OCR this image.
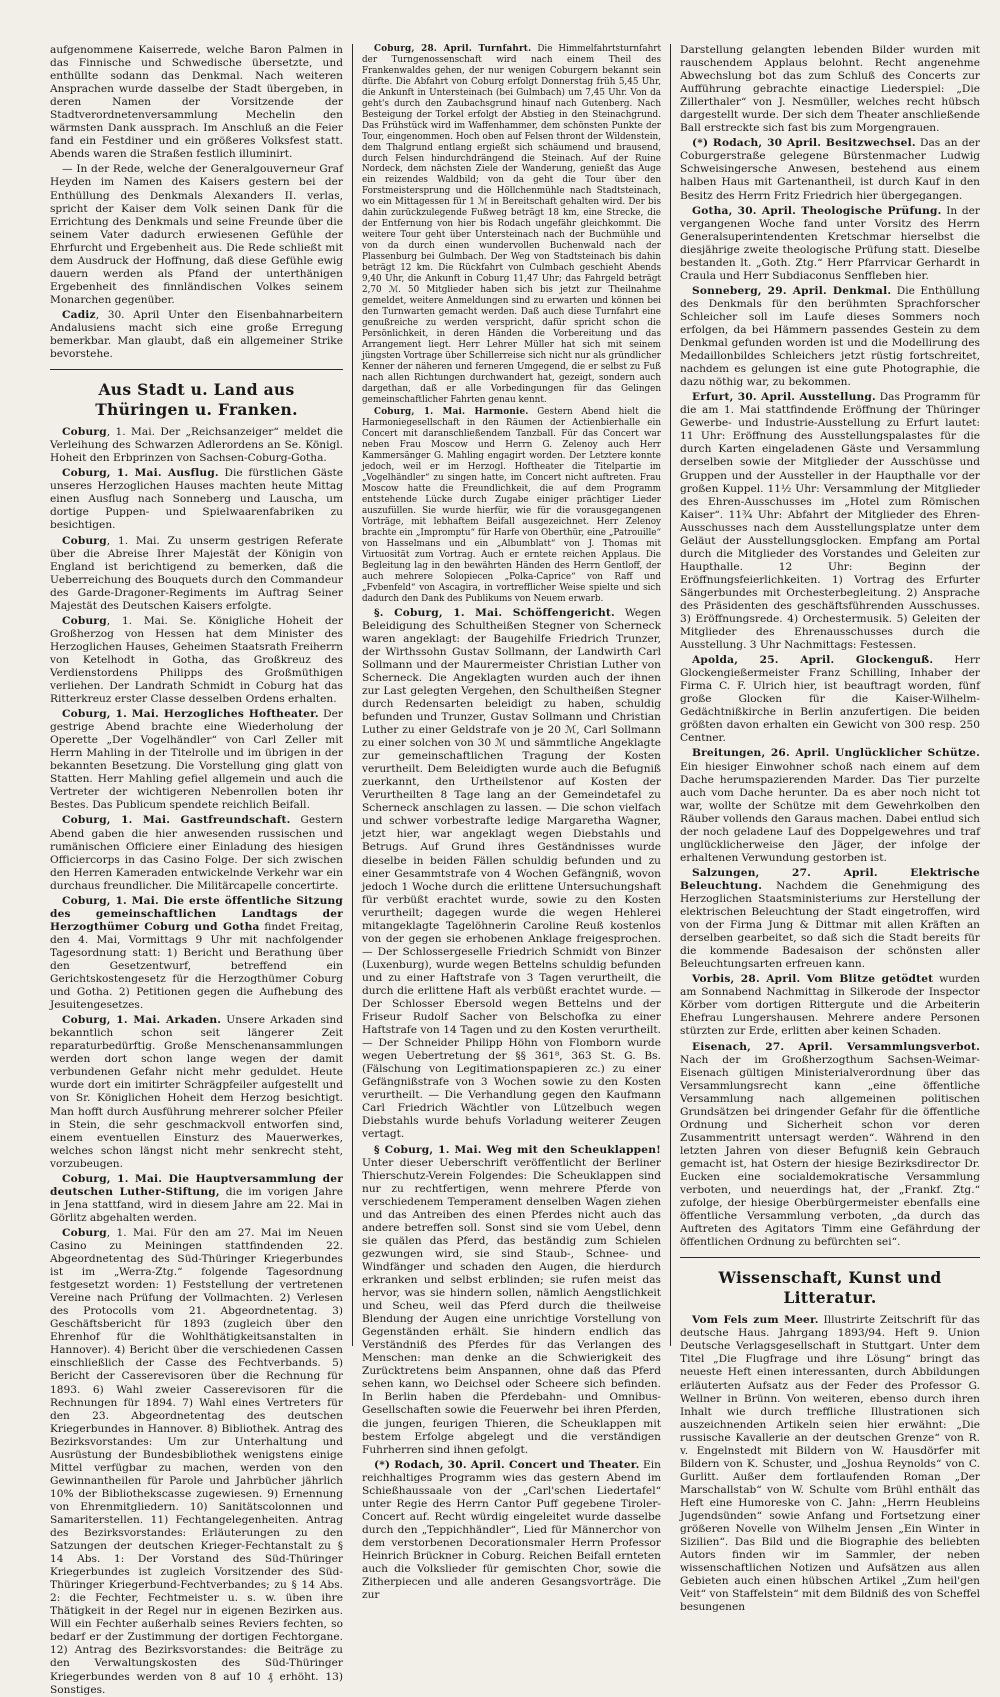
aufgenommene Kaiserrede, welche Baron Palmen in das Finnische und Schwedische übersetzte, und enthüllte sodann das Denkmal. Nach weiteren Ansprachen wurde dasselbe der Stadt übergeben, in deren Namen der Vorsitzende der Stadtverordnetenversammlung Mechelin den wärmsten Dank aussprach. Im Anschluß an die Feier fand ein Festdiner und ein größeres Volksfest statt. Abends waren die Straßen festlich illuminirt.

— In der Rede, welche der Generalgouverneur Graf Heyden im Namen des Kaisers gestern bei der Enthüllung des Denkmals Alexanders II. verlas, spricht der Kaiser dem Volk seinen Dank für die Errichtung des Denkmals und seine Freunde über die seinem Vater dadurch erwiesenen Gefühle der Ehrfurcht und Ergebenheit aus. Die Rede schließt mit dem Ausdruck der Hoffnung, daß diese Gefühle ewig dauern werden als Pfand der unterthänigen Ergebenheit des finnländischen Volkes seinem Monarchen gegenüber.

Cadiz, 30. April Unter den Eisenbahnarbeitern Andalusiens macht sich eine große Erregung bemerkbar. Man glaubt, daß ein allgemeiner Strike bevorstehe.

Aus Stadt u. Land aus Thüringen u. Franken.

Coburg, 1. Mai. Der „Reichsanzeiger“ meldet die Verleihung des Schwarzen Adlerordens an Se. Königl. Hoheit den Erbprinzen von Sachsen-Coburg-Gotha.

Coburg, 1. Mai. Ausflug. Die fürstlichen Gäste unseres Herzoglichen Hauses machten heute Mittag einen Ausflug nach Sonneberg und Lauscha, um dortige Puppen- und Spielwaarenfabriken zu besichtigen.

Coburg, 1. Mai. Zu unserm gestrigen Referate über die Abreise Ihrer Majestät der Königin von England ist berichtigend zu bemerken, daß die Ueberreichung des Bouquets durch den Commandeur des Garde-Dragoner-Regiments im Auftrag Seiner Majestät des Deutschen Kaisers erfolgte.

Coburg, 1. Mai. Se. Königliche Hoheit der Großherzog von Hessen hat dem Minister des Herzoglichen Hauses, Geheimen Staatsrath Freiherrn von Ketelhodt in Gotha, das Großkreuz des Verdienstordens Philipps des Großmüthigen verliehen. Der Landrath Schmidt in Coburg hat das Ritterkreuz erster Classe desselben Ordens erhalten.

Coburg, 1. Mai. Herzogliches Hoftheater. Der gestrige Abend brachte eine Wiederholung der Operette „Der Vogelhändler“ von Carl Zeller mit Herrn Mahling in der Titelrolle und im übrigen in der bekannten Besetzung. Die Vorstellung ging glatt von Statten. Herr Mahling gefiel allgemein und auch die Vertreter der wichtigeren Nebenrollen boten ihr Bestes. Das Publicum spendete reichlich Beifall.

Coburg, 1. Mai. Gastfreundschaft. Gestern Abend gaben die hier anwesenden russischen und rumänischen Officiere einer Einladung des hiesigen Officiercorps in das Casino Folge. Der sich zwischen den Herren Kameraden entwickelnde Verkehr war ein durchaus freundlicher. Die Militärcapelle concertirte.

Coburg, 1. Mai. Die erste öffentliche Sitzung des gemeinschaftlichen Landtags der Herzogthümer Coburg und Gotha findet Freitag, den 4. Mai, Vormittags 9 Uhr mit nachfolgender Tagesordnung statt: 1) Bericht und Berathung über den Gesetzentwurf, betreffend ein Gerichtskostengesetz für die Herzogthümer Coburg und Gotha. 2) Petitionen gegen die Aufhebung des Jesuitengesetzes.

Coburg, 1. Mai. Arkaden. Unsere Arkaden sind bekanntlich schon seit längerer Zeit reparaturbedürftig. Große Menschenansammlungen werden dort schon lange wegen der damit verbundenen Gefahr nicht mehr geduldet. Heute wurde dort ein imitirter Schrägpfeiler aufgestellt und von Sr. Königlichen Hoheit dem Herzog besichtigt. Man hofft durch Ausführung mehrerer solcher Pfeiler in Stein, die sehr geschmackvoll entworfen sind, einem eventuellen Einsturz des Mauerwerkes, welches schon längst nicht mehr senkrecht steht, vorzubeugen.

Coburg, 1. Mai. Die Hauptversammlung der deutschen Luther-Stiftung, die im vorigen Jahre in Jena stattfand, wird in diesem Jahre am 22. Mai in Görlitz abgehalten werden.

Coburg, 1. Mai. Für den am 27. Mai im Neuen Casino zu Meiningen stattfindenden 22. Abgeordnetentag des Süd-Thüringer Kriegerbundes ist im „Werra-Ztg.“ folgende Tagesordnung festgesetzt worden: 1) Feststellung der vertretenen Vereine nach Prüfung der Vollmachten. 2) Verlesen des Protocolls vom 21. Abgeordnetentag. 3) Geschäftsbericht für 1893 (zugleich über den Ehrenhof für die Wohlthätigkeitsanstalten in Hannover). 4) Bericht über die verschiedenen Cassen einschließlich der Casse des Fechtverbands. 5) Bericht der Casserevisoren über die Rechnung für 1893. 6) Wahl zweier Casserevisoren für die Rechnungen für 1894. 7) Wahl eines Vertreters für den 23. Abgeordnetentag des deutschen Kriegerbundes in Hannover. 8) Bibliothek. Antrag des Bezirksvorstandes: Um zur Unterhaltung und Ausrüstung der Bundesbibliothek wenigstens einige Mittel verfügbar zu machen, werden von den Gewinnantheilen für Parole und Jahrbücher jährlich 10% der Bibliothekscasse zugewiesen. 9) Ernennung von Ehrenmitgliedern. 10) Sanitätscolonnen und Samariterstellen. 11) Fechtangelegenheiten. Antrag des Bezirksvorstandes: Erläuterungen zu den Satzungen der deutschen Krieger-Fechtanstalt zu § 14 Abs. 1: Der Vorstand des Süd-Thüringer Kriegerbundes ist zugleich Vorsitzender des Süd-Thüringer Kriegerbund-Fechtverbandes; zu § 14 Abs. 2: die Fechter, Fechtmeister u. s. w. üben ihre Thätigkeit in der Regel nur in eigenen Bezirken aus. Will ein Fechter außerhalb seines Reviers fechten, so bedarf er der Zustimmung der dortigen Fechtorgane. 12) Antrag des Bezirksvorstandes: die Beiträge zu den Verwaltungskosten des Süd-Thüringer Kriegerbundes werden von 8 auf 10 ₰ erhöht. 13) Sonstiges.

Coburg, 28. April. Turnfahrt. Die Himmelfahrtsturnfahrt der Turngenossenschaft wird nach einem Theil des Frankenwaldes gehen, der nur wenigen Coburgern bekannt sein dürfte. Die Abfahrt von Coburg erfolgt Donnerstag früh 5,45 Uhr, die Ankunft in Untersteinach (bei Gulmbach) um 7,45 Uhr. Von da geht's durch den Zaubachsgrund hinauf nach Gutenberg. Nach Besteigung der Torkel erfolgt der Abstieg in den Steinachgrund. Das Frühstück wird im Waffenhammer, dem schönsten Punkte der Tour, eingenommen. Hoch oben auf Felsen thront der Wildenstein, dem Thalgrund entlang ergießt sich schäumend und brausend, durch Felsen hindurchdrängend die Steinach. Auf der Ruine Nordeck, dem nächsten Ziele der Wanderung, genießt das Auge ein reizendes Waldbild; von da geht die Tour über den Forstmeistersprung und die Höllchenmühle nach Stadtsteinach, wo ein Mittagessen für 1 ℳ in Bereitschaft gehalten wird. Der bis dahin zurückzulegende Fußweg beträgt 18 km, eine Strecke, die der Entfernung von hier bis Rodach ungefähr gleichkommt. Die weitere Tour geht über Untersteinach nach der Buchmühle und von da durch einen wundervollen Buchenwald nach der Plassenburg bei Gulmbach. Der Weg von Stadtsteinach bis dahin beträgt 12 km. Die Rückfahrt von Culmbach geschieht Abends 9,40 Uhr, die Ankunft in Coburg 11,47 Uhr; das Fahrgeld beträgt 2,70 ℳ. 50 Mitglieder haben sich bis jetzt zur Theilnahme gemeldet, weitere Anmeldungen sind zu erwarten und können bei den Turnwarten gemacht werden. Daß auch diese Turnfahrt eine genußreiche zu werden verspricht, dafür spricht schon die Persönlichkeit, in deren Händen die Vorbereitung und das Arrangement liegt. Herr Lehrer Müller hat sich mit seinem jüngsten Vortrage über Schillerreise sich nicht nur als gründlicher Kenner der näheren und ferneren Umgegend, die er selbst zu Fuß nach allen Richtungen durchwandert hat, gezeigt, sondern auch dargethan, daß er alle Vorbedingungen für das Gelingen gemeinschaftlicher Fahrten genau kennt.

Coburg, 1. Mai. Harmonie. Gestern Abend hielt die Harmoniegesellschaft in den Räumen der Actienbierhalle ein Concert mit daranschließendem Tanzball. Für das Concert war neben Frau Moscow und Herrn G. Zelenoy auch Herr Kammersänger G. Mahling engagirt worden. Der Letztere konnte jedoch, weil er im Herzogl. Hoftheater die Titelpartie im „Vogelhändler“ zu singen hatte, im Concert nicht auftreten. Frau Moscow hatte die Freundlichkeit, die auf dem Programm entstehende Lücke durch Zugabe einiger prächtiger Lieder auszufüllen. Sie wurde hierfür, wie für die vorausgegangenen Vorträge, mit lebhaftem Beifall ausgezeichnet. Herr Zelenoy brachte ein „Impromptu“ für Harfe von Oberthür, eine „Patrouille“ von Hasselmans und ein „Albumblatt“ von J. Thomas mit Virtuosität zum Vortrag. Auch er erntete reichen Applaus. Die Begleitung lag in den bewährten Händen des Herrn Gentloff, der auch mehrere Solopiecen „Polka-Caprice“ von Raff und „Fvbenfeld“ von Ascagira, in vortrefflicher Weise spielte und sich dadurch den Dank des Publikums von Neuem erwarb.

§. Coburg, 1. Mai. Schöffengericht. Wegen Beleidigung des Schultheißen Stegner von Scherneck waren angeklagt: der Baugehilfe Friedrich Trunzer, der Wirthssohn Gustav Sollmann, der Landwirth Carl Sollmann und der Maurermeister Christian Luther von Scherneck. Die Angeklagten wurden auch der ihnen zur Last gelegten Vergehen, den Schultheißen Stegner durch Redensarten beleidigt zu haben, schuldig befunden und Trunzer, Gustav Sollmann und Christian Luther zu einer Geldstrafe von je 20 ℳ, Carl Sollmann zu einer solchen von 30 ℳ und sämmtliche Angeklagte zur gemeinschaftlichen Tragung der Kosten verurtheilt. Dem Beleidigten wurde auch die Befugniß zuerkannt, den Urtheilstenor auf Kosten der Verurtheilten 8 Tage lang an der Gemeindetafel zu Scherneck anschlagen zu lassen. — Die schon vielfach und schwer vorbestrafte ledige Margaretha Wagner, jetzt hier, war angeklagt wegen Diebstahls und Betrugs. Auf Grund ihres Geständnisses wurde dieselbe in beiden Fällen schuldig befunden und zu einer Gesammtstrafe von 4 Wochen Gefängniß, wovon jedoch 1 Woche durch die erlittene Untersuchungshaft für verbüßt erachtet wurde, sowie zu den Kosten verurtheilt; dagegen wurde die wegen Hehlerei mitangeklagte Tagelöhnerin Caroline Reuß kostenlos von der gegen sie erhobenen Anklage freigesprochen. — Der Schlossergeselle Friedrich Schmidt von Binzer (Luxenburg), wurde wegen Bettelns schuldig befunden und zu einer Haftstrafe von 3 Tagen verurtheilt, die durch die erlittene Haft als verbüßt erachtet wurde. — Der Schlosser Ebersold wegen Bettelns und der Friseur Rudolf Sacher von Belschofka zu einer Haftstrafe von 14 Tagen und zu den Kosten verurtheilt. — Der Schneider Philipp Höhn von Flomborn wurde wegen Uebertretung der §§ 361⁸, 363 St. G. Bs. (Fälschung von Legitimationspapieren zc.) zu einer Gefängnißstrafe von 3 Wochen sowie zu den Kosten verurtheilt. — Die Verhandlung gegen den Kaufmann Carl Friedrich Wächtler von Lützelbuch wegen Diebstahls wurde behufs Vorladung weiterer Zeugen vertagt.

§ Coburg, 1. Mai. Weg mit den Scheuklappen! Unter dieser Ueberschrift veröffentlicht der Berliner Thierschutz-Verein Folgendes: Die Scheuklappen sind nur zu rechtfertigen, wenn mehrere Pferde von verschiedenem Temperament denselben Wagen ziehen und das Antreiben des einen Pferdes nicht auch das andere betreffen soll. Sonst sind sie vom Uebel, denn sie quälen das Pferd, das beständig zum Schielen gezwungen wird, sie sind Staub-, Schnee- und Windfänger und schaden den Augen, die hierdurch erkranken und selbst erblinden; sie rufen meist das hervor, was sie hindern sollen, nämlich Aengstlichkeit und Scheu, weil das Pferd durch die theilweise Blendung der Augen eine unrichtige Vorstellung von Gegenständen erhält. Sie hindern endlich das Verständniß des Pferdes für das Verlangen des Menschen: man denke an die Schwierigkeit des Zurücktretens beim Anspannen, ohne daß das Pferd sehen kann, wo Deichsel oder Scheere sich befinden. In Berlin haben die Pferdebahn- und Omnibus-Gesellschaften sowie die Feuerwehr bei ihren Pferden, die jungen, feurigen Thieren, die Scheuklappen mit bestem Erfolge abgelegt und die verständigen Fuhrherren sind ihnen gefolgt.

(*) Rodach, 30. April. Concert und Theater. Ein reichhaltiges Programm wies das gestern Abend im Schießhaussaale von der „Carl'schen Liedertafel“ unter Regie des Herrn Cantor Puff gegebene Tiroler-Concert auf. Recht würdig eingeleitet wurde dasselbe durch den „Teppichhändler“, Lied für Männerchor von dem verstorbenen Decorationsmaler Herrn Professor Heinrich Brückner in Coburg. Reichen Beifall ernteten auch die Volkslieder für gemischten Chor, sowie die Zitherpiecen und alle anderen Gesangsvorträge. Die zur

Darstellung gelangten lebenden Bilder wurden mit rauschendem Applaus belohnt. Recht angenehme Abwechslung bot das zum Schluß des Concerts zur Aufführung gebrachte einactige Liederspiel: „Die Zillerthaler“ von J. Nesmüller, welches recht hübsch dargestellt wurde. Der sich dem Theater anschließende Ball erstreckte sich fast bis zum Morgengrauen.

(*) Rodach, 30 April. Besitzwechsel. Das an der Coburgerstraße gelegene Bürstenmacher Ludwig Schweisingersche Anwesen, bestehend aus einem halben Haus mit Gartenantheil, ist durch Kauf in den Besitz des Herrn Fritz Friedrich hier übergegangen.

Gotha, 30. April. Theologische Prüfung. In der vergangenen Woche fand unter Vorsitz des Herrn Generalsuperintendenten Kretschmar hierselbst die diesjährige zweite theologische Prüfung statt. Dieselbe bestanden lt. „Goth. Ztg.“ Herr Pfarrvicar Gerhardt in Craula und Herr Subdiaconus Senffleben hier.

Sonneberg, 29. April. Denkmal. Die Enthüllung des Denkmals für den berühmten Sprachforscher Schleicher soll im Laufe dieses Sommers noch erfolgen, da bei Hämmern passendes Gestein zu dem Denkmal gefunden worden ist und die Modellirung des Medaillonbildes Schleichers jetzt rüstig fortschreitet, nachdem es gelungen ist eine gute Photographie, die dazu nöthig war, zu bekommen.

Erfurt, 30. April. Ausstellung. Das Programm für die am 1. Mai stattfindende Eröffnung der Thüringer Gewerbe- und Industrie-Ausstellung zu Erfurt lautet: 11 Uhr: Eröffnung des Ausstellungspalastes für die durch Karten eingeladenen Gäste und Versammlung derselben sowie der Mitglieder der Ausschüsse und Gruppen und der Aussteller in der Haupthalle vor der großen Kuppel. 11½ Uhr: Versammlung der Mitglieder des Ehren-Ausschusses im „Hotel zum Römischen Kaiser“. 11¾ Uhr: Abfahrt der Mitglieder des Ehren-Ausschusses nach dem Ausstellungsplatze unter dem Geläut der Ausstellungsglocken. Empfang am Portal durch die Mitglieder des Vorstandes und Geleiten zur Haupthalle. 12 Uhr: Beginn der Eröffnungsfeierlichkeiten. 1) Vortrag des Erfurter Sängerbundes mit Orchesterbegleitung. 2) Ansprache des Präsidenten des geschäftsführenden Ausschusses. 3) Eröffnungsrede. 4) Orchestermusik. 5) Geleiten der Mitglieder des Ehrenausschusses durch die Ausstellung. 3 Uhr Nachmittags: Festessen.

Apolda, 25. April. Glockenguß. Herr Glockengießermeister Franz Schilling, Inhaber der Firma C. F. Ulrich hier, ist beauftragt worden, fünf große Glocken für die Kaiser-Wilhelm-Gedächtnißkirche in Berlin anzufertigen. Die beiden größten davon erhalten ein Gewicht von 300 resp. 250 Centner.

Breitungen, 26. April. Unglücklicher Schütze. Ein hiesiger Einwohner schoß nach einem auf dem Dache herumspazierenden Marder. Das Tier purzelte auch vom Dache herunter. Da es aber noch nicht tot war, wollte der Schütze mit dem Gewehrkolben den Räuber vollends den Garaus machen. Dabei entlud sich der noch geladene Lauf des Doppelgewehres und traf unglücklicherweise den Jäger, der infolge der erhaltenen Verwundung gestorben ist.

Salzungen, 27. April. Elektrische Beleuchtung. Nachdem die Genehmigung des Herzoglichen Staatsministeriums zur Herstellung der elektrischen Beleuchtung der Stadt eingetroffen, wird von der Firma Jung & Dittmar mit allen Kräften an derselben gearbeitet, so daß sich die Stadt bereits für die kommende Badesaison der schönsten aller Beleuchtungsarten erfreuen kann.

Vorbis, 28. April. Vom Blitze getödtet wurden am Sonnabend Nachmittag in Silkerode der Inspector Körber vom dortigen Rittergute und die Arbeiterin Ehefrau Lungershausen. Mehrere andere Personen stürzten zur Erde, erlitten aber keinen Schaden.

Eisenach, 27. April. Versammlungsverbot. Nach der im Großherzogthum Sachsen-Weimar-Eisenach gültigen Ministerialverordnung über das Versammlungsrecht kann „eine öffentliche Versammlung nach allgemeinen politischen Grundsätzen bei dringender Gefahr für die öffentliche Ordnung und Sicherheit schon vor deren Zusammentritt untersagt werden“. Während in den letzten Jahren von dieser Befugniß kein Gebrauch gemacht ist, hat Ostern der hiesige Bezirksdirector Dr. Eucken eine socialdemokratische Versammlung verboten, und neuerdings hat, der „Frankf. Ztg.“ zufolge, der hiesige Oberbürgermeister ebenfalls eine öffentliche Versammlung verboten, „da durch das Auftreten des Agitators Timm eine Gefährdung der öffentlichen Ordnung zu befürchten sei“.

Wissenschaft, Kunst und Litteratur.

Vom Fels zum Meer. Illustrirte Zeitschrift für das deutsche Haus. Jahrgang 1893/94. Heft 9. Union Deutsche Verlagsgesellschaft in Stuttgart. Unter dem Titel „Die Flugfrage und ihre Lösung“ bringt das neueste Heft einen interessanten, durch Abbildungen erläuterten Aufsatz aus der Feder des Professor G. Wellner in Brünn. Von weiteren, ebenso durch ihren Inhalt wie durch treffliche Illustrationen sich auszeichnenden Artikeln seien hier erwähnt: „Die russische Kavallerie an der deutschen Grenze“ von R. v. Engelnstedt mit Bildern von W. Hausdörfer mit Bildern von K. Schuster, und „Joshua Reynolds“ von C. Gurlitt. Außer dem fortlaufenden Roman „Der Marschallstab“ von W. Schulte vom Brühl enthält das Heft eine Humoreske von C. Jahn: „Herrn Heubleins Jugendsünden“ sowie Anfang und Fortsetzung einer größeren Novelle von Wilhelm Jensen „Ein Winter in Sizilien“. Das Bild und die Biographie des beliebten Autors finden wir im Sammler, der neben wissenschaftlichen Notizen und Aufsätzen aus allen Gebieten auch einen hübschen Artikel „Zum heil'gen Veit“ von Staffelstein“ mit dem Bildniß des von Scheffel besungenen
